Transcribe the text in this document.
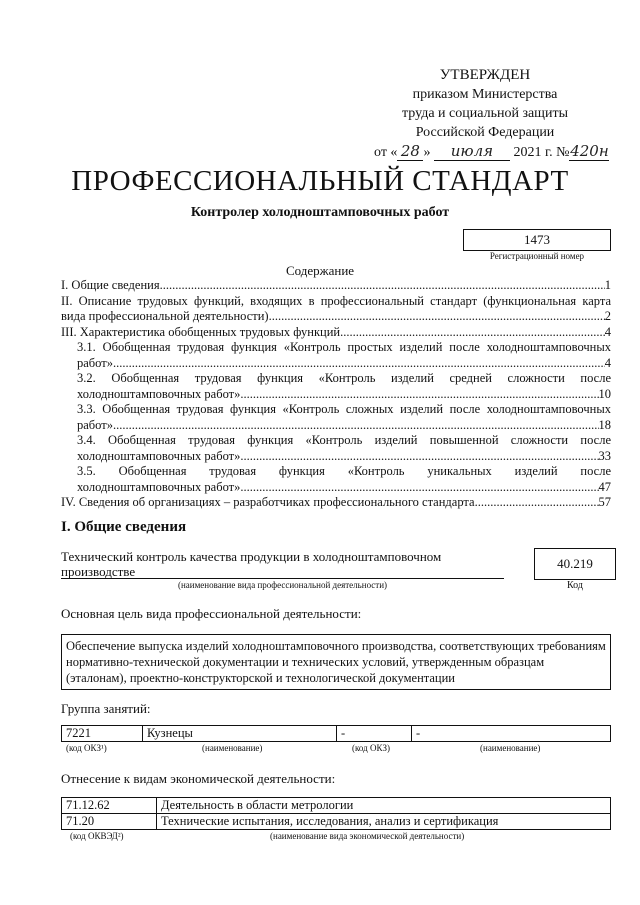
УТВЕРЖДЕН
приказом Министерства
труда и социальной защиты
Российской Федерации
от « 28 » июля 2021 г. №420н
ПРОФЕССИОНАЛЬНЫЙ СТАНДАРТ
Контролер холодноштамповочных работ
1473
Регистрационный номер
Содержание
I. Общие сведения .....	1
II. Описание трудовых функций, входящих в профессиональный стандарт (функциональная карта
вида профессиональной деятельности) .....	2
III. Характеристика обобщенных трудовых функций .....	4
3.1. Обобщенная трудовая функция «Контроль простых изделий после холодноштамповочных
работ» .....	4
3.2. Обобщенная трудовая функция «Контроль изделий средней сложности после
холодноштамповочных работ» .....	10
3.3. Обобщенная трудовая функция «Контроль сложных изделий после холодноштамповочных
работ» .....	18
3.4. Обобщенная трудовая функция «Контроль изделий повышенной сложности после
холодноштамповочных работ» .....	33
3.5. Обобщенная трудовая функция «Контроль уникальных изделий после
холодноштамповочных работ» .....	47
IV. Сведения об организациях – разработчиках профессионального стандарта .....	57
I. Общие сведения
Технический контроль качества продукции в холодноштамповочном производстве
(наименование вида профессиональной деятельности)
40.219
Код
Основная цель вида профессиональной деятельности:
Обеспечение выпуска изделий холодноштамповочного производства, соответствующих требованиям нормативно-технической документации и технических условий, утвержденным образцам (эталонам), проектно-конструкторской и технологической документации
Группа занятий:
7221	Кузнецы	-	-
(код ОКЗ¹)	(наименование)	(код ОКЗ)	(наименование)
Отнесение к видам экономической деятельности:
71.12.62	Деятельность в области метрологии
71.20	Технические испытания, исследования, анализ и сертификация
(код ОКВЭД²)	(наименование вида экономической деятельности)
